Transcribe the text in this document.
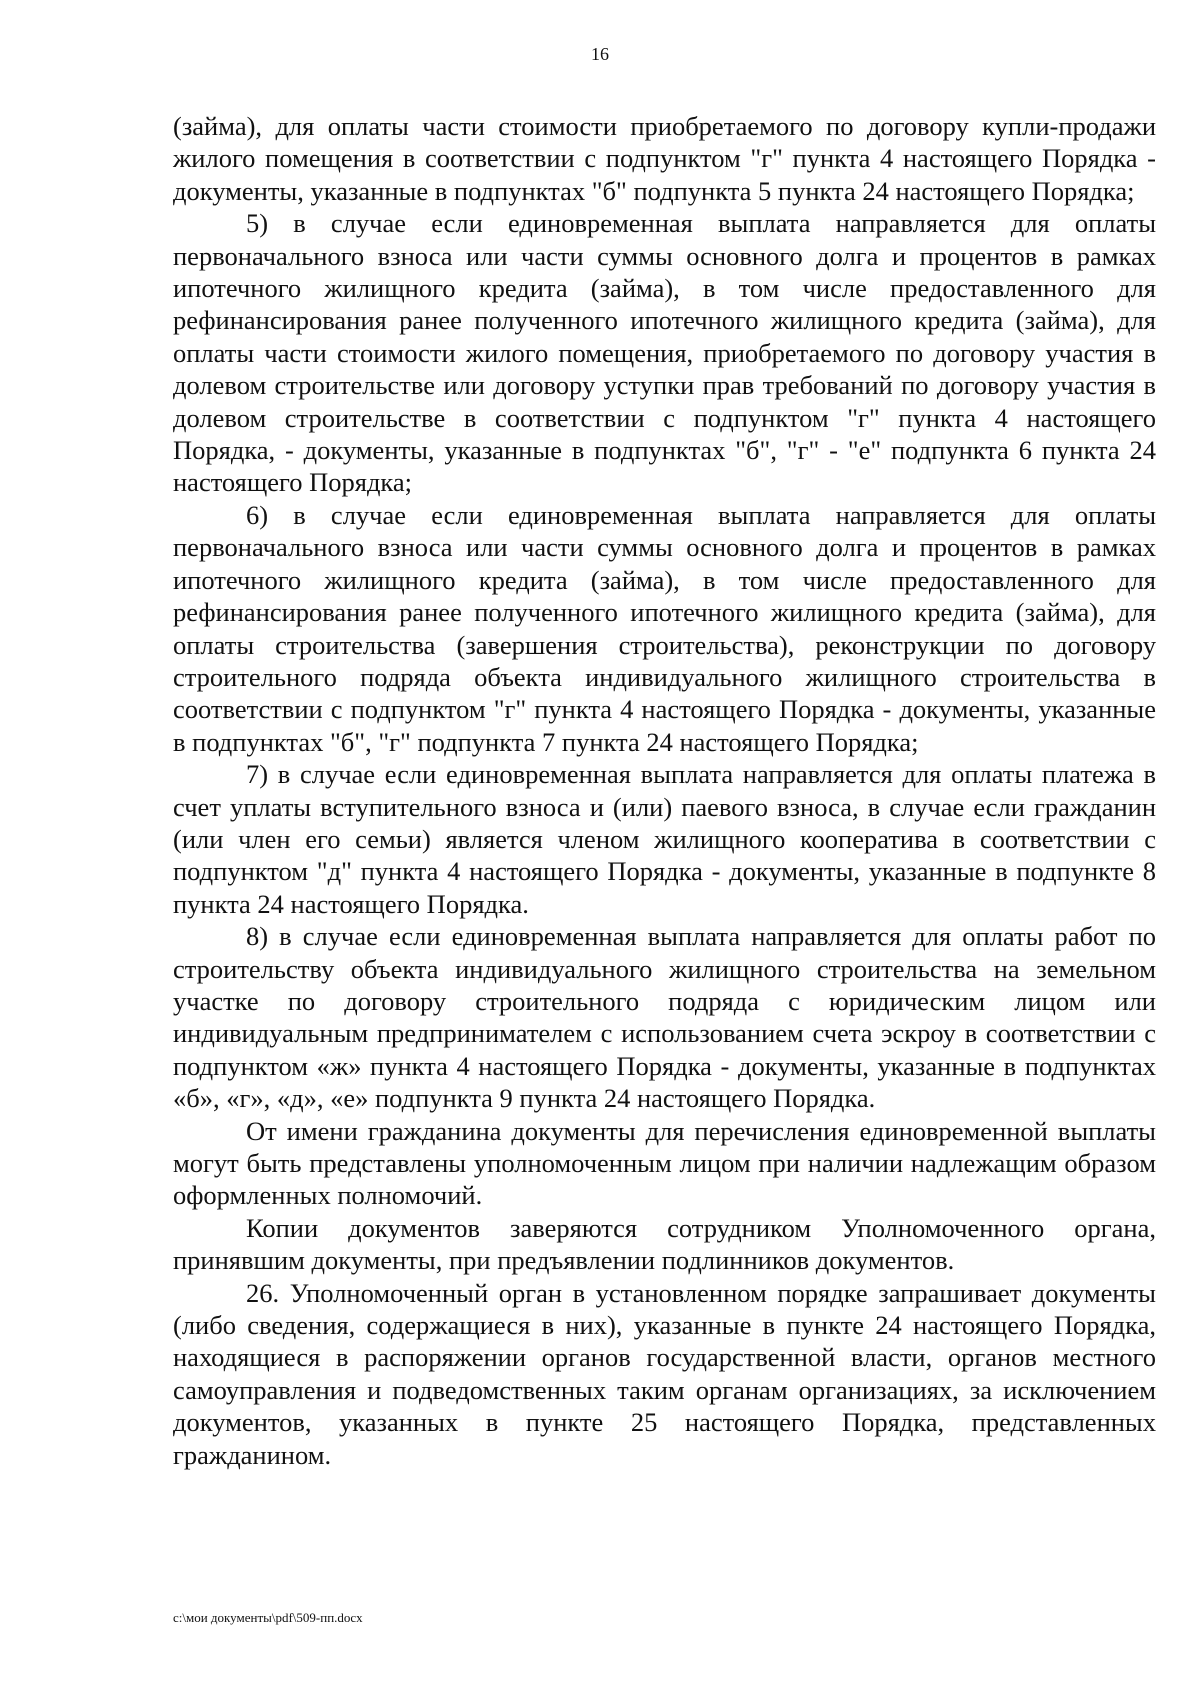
16

(займа), для оплаты части стоимости приобретаемого по договору купли-продажи жилого помещения в соответствии с подпунктом "г" пункта 4 настоящего Порядка - документы, указанные в подпунктах "б" подпункта 5 пункта 24 настоящего Порядка;

5) в случае если единовременная выплата направляется для оплаты первоначального взноса или части суммы основного долга и процентов в рамках ипотечного жилищного кредита (займа), в том числе предоставленного для рефинансирования ранее полученного ипотечного жилищного кредита (займа), для оплаты части стоимости жилого помещения, приобретаемого по договору участия в долевом строительстве или договору уступки прав требований по договору участия в долевом строительстве в соответствии с подпунктом "г" пункта 4 настоящего Порядка, - документы, указанные в подпунктах "б", "г" - "е" подпункта 6 пункта 24 настоящего Порядка;

6) в случае если единовременная выплата направляется для оплаты первоначального взноса или части суммы основного долга и процентов в рамках ипотечного жилищного кредита (займа), в том числе предоставленного для рефинансирования ранее полученного ипотечного жилищного кредита (займа), для оплаты строительства (завершения строительства), реконструкции по договору строительного подряда объекта индивидуального жилищного строительства в соответствии с подпунктом "г" пункта 4 настоящего Порядка - документы, указанные в подпунктах "б", "г" подпункта 7 пункта 24 настоящего Порядка;

7) в случае если единовременная выплата направляется для оплаты платежа в счет уплаты вступительного взноса и (или) паевого взноса, в случае если гражданин (или член его семьи) является членом жилищного кооператива в соответствии с подпунктом "д" пункта 4 настоящего Порядка - документы, указанные в подпункте 8 пункта 24 настоящего Порядка.

8) в случае если единовременная выплата направляется для оплаты работ по строительству объекта индивидуального жилищного строительства на земельном участке по договору строительного подряда с юридическим лицом или индивидуальным предпринимателем с использованием счета эскроу в соответствии с подпунктом «ж» пункта 4 настоящего Порядка - документы, указанные в подпунктах «б», «г», «д», «е» подпункта 9 пункта 24 настоящего Порядка.

От имени гражданина документы для перечисления единовременной выплаты могут быть представлены уполномоченным лицом при наличии надлежащим образом оформленных полномочий.

Копии документов заверяются сотрудником Уполномоченного органа, принявшим документы, при предъявлении подлинников документов.

26. Уполномоченный орган в установленном порядке запрашивает документы (либо сведения, содержащиеся в них), указанные в пункте 24 настоящего Порядка, находящиеся в распоряжении органов государственной власти, органов местного самоуправления и подведомственных таким органам организациях, за исключением документов, указанных в пункте 25 настоящего Порядка, представленных гражданином.

c:\мои документы\pdf\509-пп.docx
